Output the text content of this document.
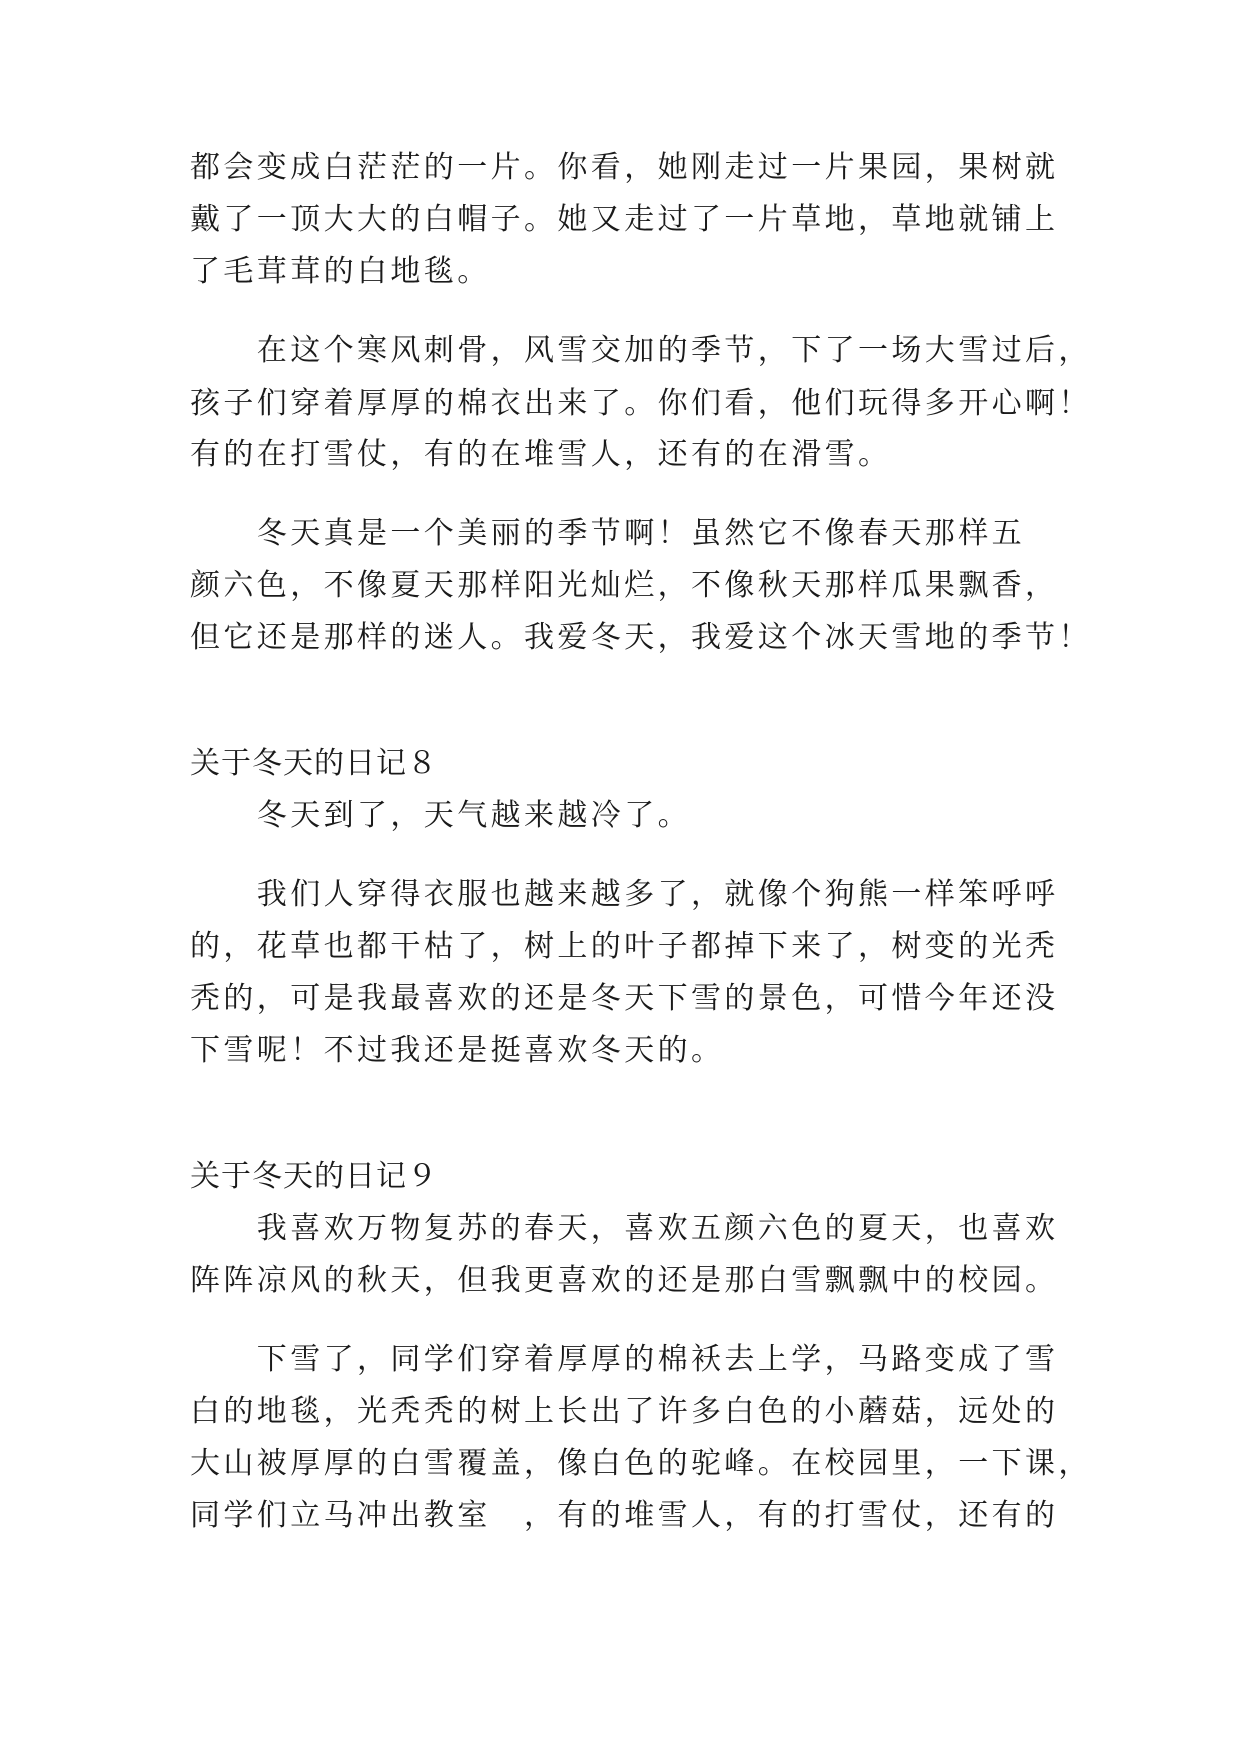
都会变成白茫茫的一片。你看，她刚走过一片果园，果树就
戴了一顶大大的白帽子。她又走过了一片草地，草地就铺上
了毛茸茸的白地毯。
　　在这个寒风刺骨，风雪交加的季节，下了一场大雪过后，
孩子们穿着厚厚的棉衣出来了。你们看，他们玩得多开心啊！
有的在打雪仗，有的在堆雪人，还有的在滑雪。
　　冬天真是一个美丽的季节啊！虽然它不像春天那样五
颜六色，不像夏天那样阳光灿烂，不像秋天那样瓜果飘香，
但它还是那样的迷人。我爱冬天，我爱这个冰天雪地的季节！
关于冬天的日记８
　　冬天到了，天气越来越冷了。
　　我们人穿得衣服也越来越多了，就像个狗熊一样笨呼呼
的，花草也都干枯了，树上的叶子都掉下来了，树变的光秃
秃的，可是我最喜欢的还是冬天下雪的景色，可惜今年还没
下雪呢！不过我还是挺喜欢冬天的。
关于冬天的日记９
　　我喜欢万物复苏的春天，喜欢五颜六色的夏天，也喜欢
阵阵凉风的秋天，但我更喜欢的还是那白雪飘飘中的校园。
　　下雪了，同学们穿着厚厚的棉袄去上学，马路变成了雪
白的地毯，光秃秃的树上长出了许多白色的小蘑菇，远处的
大山被厚厚的白雪覆盖，像白色的驼峰。在校园里，一下课，
同学们立马冲出教室　，有的堆雪人，有的打雪仗，还有的
